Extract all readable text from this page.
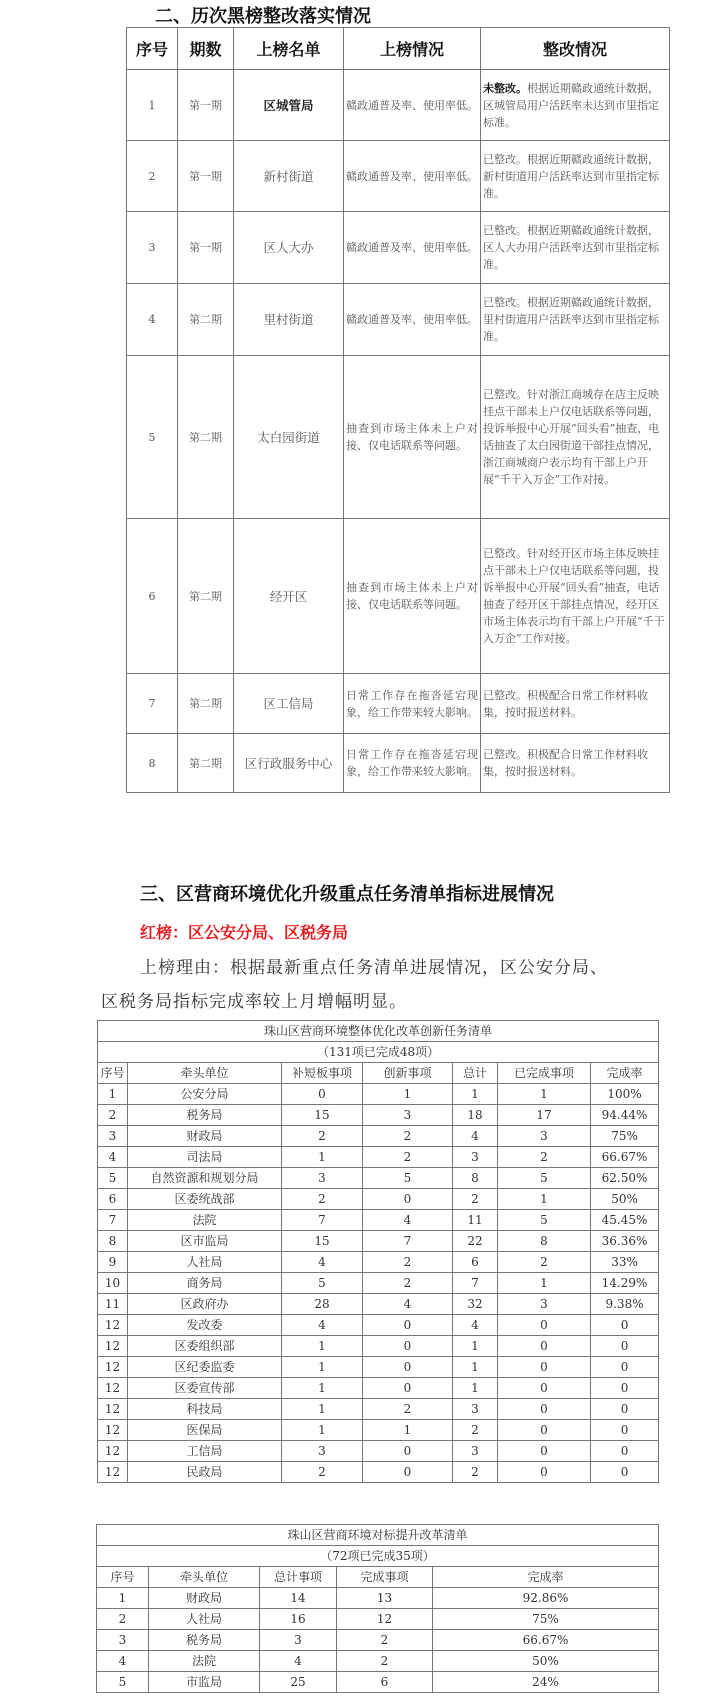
二、历次黑榜整改落实情况
序号	期数	上榜名单	上榜情况	整改情况
1	第一期	区城管局	赣政通普及率、使用率低。	未整改。根据近期赣政通统计数据，区城管局用户活跃率未达到市里指定标准。
2	第一期	新村街道	赣政通普及率、使用率低。	已整改。根据近期赣政通统计数据，新村街道用户活跃率达到市里指定标准。
3	第一期	区人大办	赣政通普及率、使用率低。	已整改。根据近期赣政通统计数据，区人大办用户活跃率达到市里指定标准。
4	第二期	里村街道	赣政通普及率、使用率低。	已整改。根据近期赣政通统计数据，里村街道用户活跃率达到市里指定标准。
5	第二期	太白园街道	抽查到市场主体未上户对接、仅电话联系等问题。	已整改。针对浙江商城存在店主反映挂点干部未上户仅电话联系等问题，投诉举报中心开展“回头看”抽查，电话抽查了太白园街道干部挂点情况，浙江商城商户表示均有干部上户开展“千干入万企”工作对接。
6	第二期	经开区	抽查到市场主体未上户对接、仅电话联系等问题。	已整改。针对经开区市场主体反映挂点干部未上户仅电话联系等问题，投诉举报中心开展“回头看”抽查，电话抽查了经开区干部挂点情况，经开区市场主体表示均有干部上户开展“千干入万企”工作对接。
7	第二期	区工信局	日常工作存在拖沓延宕现象，给工作带来较大影响。	已整改。积极配合日常工作材料收集，按时报送材料。
8	第二期	区行政服务中心	日常工作存在拖沓延宕现象，给工作带来较大影响。	已整改。积极配合日常工作材料收集，按时报送材料。
三、区营商环境优化升级重点任务清单指标进展情况
红榜：区公安分局、区税务局
上榜理由：根据最新重点任务清单进展情况，区公安分局、
区税务局指标完成率较上月增幅明显。
珠山区营商环境整体优化改革创新任务清单						
（131项已完成48项）						
序号	牵头单位	补短板事项	创新事项	总计	已完成事项	完成率
1	公安分局	0	1	1	1	100%
2	税务局	15	3	18	17	94.44%
3	财政局	2	2	4	3	75%
4	司法局	1	2	3	2	66.67%
5	自然资源和规划分局	3	5	8	5	62.50%
6	区委统战部	2	0	2	1	50%
7	法院	7	4	11	5	45.45%
8	区市监局	15	7	22	8	36.36%
9	人社局	4	2	6	2	33%
10	商务局	5	2	7	1	14.29%
11	区政府办	28	4	32	3	9.38%
12	发改委	4	0	4	0	0
12	区委组织部	1	0	1	0	0
12	区纪委监委	1	0	1	0	0
12	区委宣传部	1	0	1	0	0
12	科技局	1	2	3	0	0
12	医保局	1	1	2	0	0
12	工信局	3	0	3	0	0
12	民政局	2	0	2	0	0
珠山区营商环境对标提升改革清单				
（72项已完成35项）				
序号	牵头单位	总计事项	完成事项	完成率
1	财政局	14	13	92.86%
2	人社局	16	12	75%
3	税务局	3	2	66.67%
4	法院	4	2	50%
5	市监局	25	6	24%
